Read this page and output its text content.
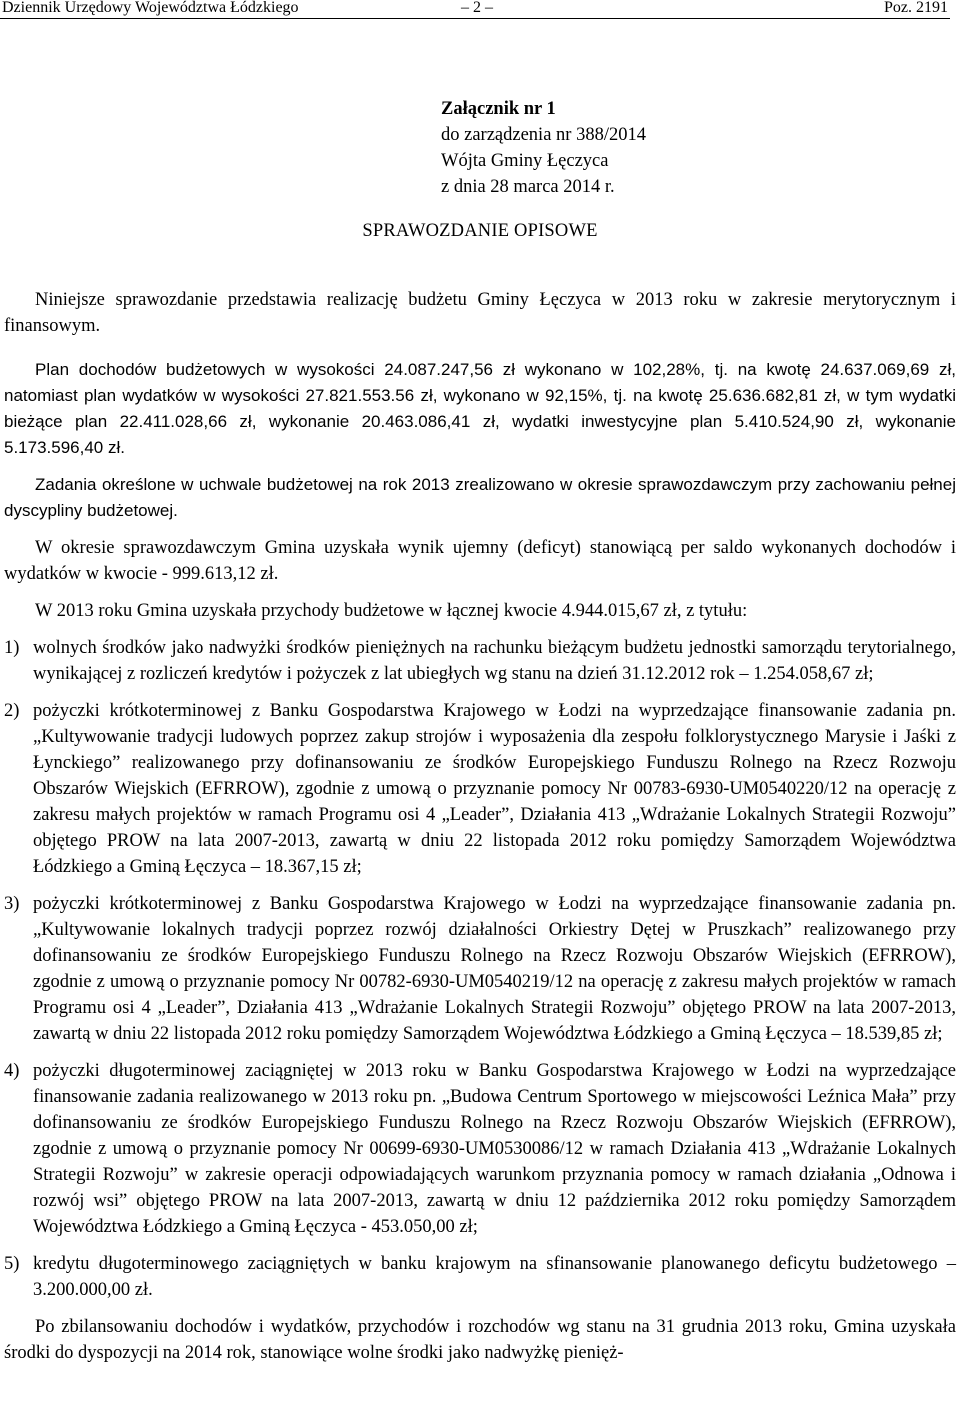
Dziennik Urzędowy Województwa Łódzkiego	– 2 –	Poz. 2191
Załącznik nr 1
do zarządzenia nr 388/2014
Wójta Gminy Łęczyca
z dnia 28 marca 2014 r.
SPRAWOZDANIE OPISOWE

Niniejsze sprawozdanie przedstawia realizację budżetu Gminy Łęczyca w 2013 roku w zakresie merytorycznym i finansowym.

Plan dochodów budżetowych w wysokości 24.087.247,56 zł wykonano w 102,28%, tj. na kwotę 24.637.069,69 zł, natomiast plan wydatków w wysokości 27.821.553.56 zł, wykonano w 92,15%, tj. na kwotę 25.636.682,81 zł, w tym wydatki bieżące plan 22.411.028,66 zł, wykonanie 20.463.086,41 zł, wydatki inwestycyjne plan 5.410.524,90 zł, wykonanie 5.173.596,40 zł.

Zadania określone w uchwale budżetowej na rok 2013 zrealizowano w okresie sprawozdawczym przy zachowaniu pełnej dyscypliny budżetowej.

W okresie sprawozdawczym Gmina uzyskała wynik ujemny (deficyt) stanowiącą per saldo wykonanych dochodów i wydatków w kwocie - 999.613,12 zł.

W 2013 roku Gmina uzyskała przychody budżetowe w łącznej kwocie 4.944.015,67 zł, z tytułu:

1) wolnych środków jako nadwyżki środków pieniężnych na rachunku bieżącym budżetu jednostki samorządu terytorialnego, wynikającej z rozliczeń kredytów i pożyczek z lat ubiegłych wg stanu na dzień 31.12.2012 rok – 1.254.058,67 zł;
2) pożyczki krótkoterminowej z Banku Gospodarstwa Krajowego w Łodzi na wyprzedzające finansowanie zadania pn. „Kultywowanie tradycji ludowych poprzez zakup strojów i wyposażenia dla zespołu folklorystycznego Marysie i Jaśki z Łynckiego” realizowanego przy dofinansowaniu ze środków Europejskiego Funduszu Rolnego na Rzecz Rozwoju Obszarów Wiejskich (EFRROW), zgodnie z umową o przyznanie pomocy Nr 00783-6930-UM0540220/12 na operację z zakresu małych projektów w ramach Programu osi 4 „Leader”, Działania 413 „Wdrażanie Lokalnych Strategii Rozwoju” objętego PROW na lata 2007-2013, zawartą w dniu 22 listopada 2012 roku pomiędzy Samorządem Województwa Łódzkiego a Gminą Łęczyca – 18.367,15 zł;
3) pożyczki krótkoterminowej z Banku Gospodarstwa Krajowego w Łodzi na wyprzedzające finansowanie zadania pn. „Kultywowanie lokalnych tradycji poprzez rozwój działalności Orkiestry Dętej w Pruszkach” realizowanego przy dofinansowaniu ze środków Europejskiego Funduszu Rolnego na Rzecz Rozwoju Obszarów Wiejskich (EFRROW), zgodnie z umową o przyznanie pomocy Nr 00782-6930-UM0540219/12 na operację z zakresu małych projektów w ramach Programu osi 4 „Leader”, Działania 413 „Wdrażanie Lokalnych Strategii Rozwoju” objętego PROW na lata 2007-2013, zawartą w dniu 22 listopada 2012 roku pomiędzy Samorządem Województwa Łódzkiego a Gminą Łęczyca – 18.539,85 zł;
4) pożyczki długoterminowej zaciągniętej w 2013 roku w Banku Gospodarstwa Krajowego w Łodzi na wyprzedzające finansowanie zadania realizowanego w 2013 roku pn. „Budowa Centrum Sportowego w miejscowości Leźnica Mała” przy dofinansowaniu ze środków Europejskiego Funduszu Rolnego na Rzecz Rozwoju Obszarów Wiejskich (EFRROW), zgodnie z umową o przyznanie pomocy Nr 00699-6930-UM0530086/12 w ramach Działania 413 „Wdrażanie Lokalnych Strategii Rozwoju” w zakresie operacji odpowiadających warunkom przyznania pomocy w ramach działania „Odnowa i rozwój wsi” objętego PROW na lata 2007-2013, zawartą w dniu 12 października 2012 roku pomiędzy Samorządem Województwa Łódzkiego a Gminą Łęczyca - 453.050,00 zł;
5) kredytu długoterminowego zaciągniętych w banku krajowym na sfinansowanie planowanego deficytu budżetowego – 3.200.000,00 zł.

Po zbilansowaniu dochodów i wydatków, przychodów i rozchodów wg stanu na 31 grudnia 2013 roku, Gmina uzyskała środki do dyspozycji na 2014 rok, stanowiące wolne środki jako nadwyżkę pienięż-
